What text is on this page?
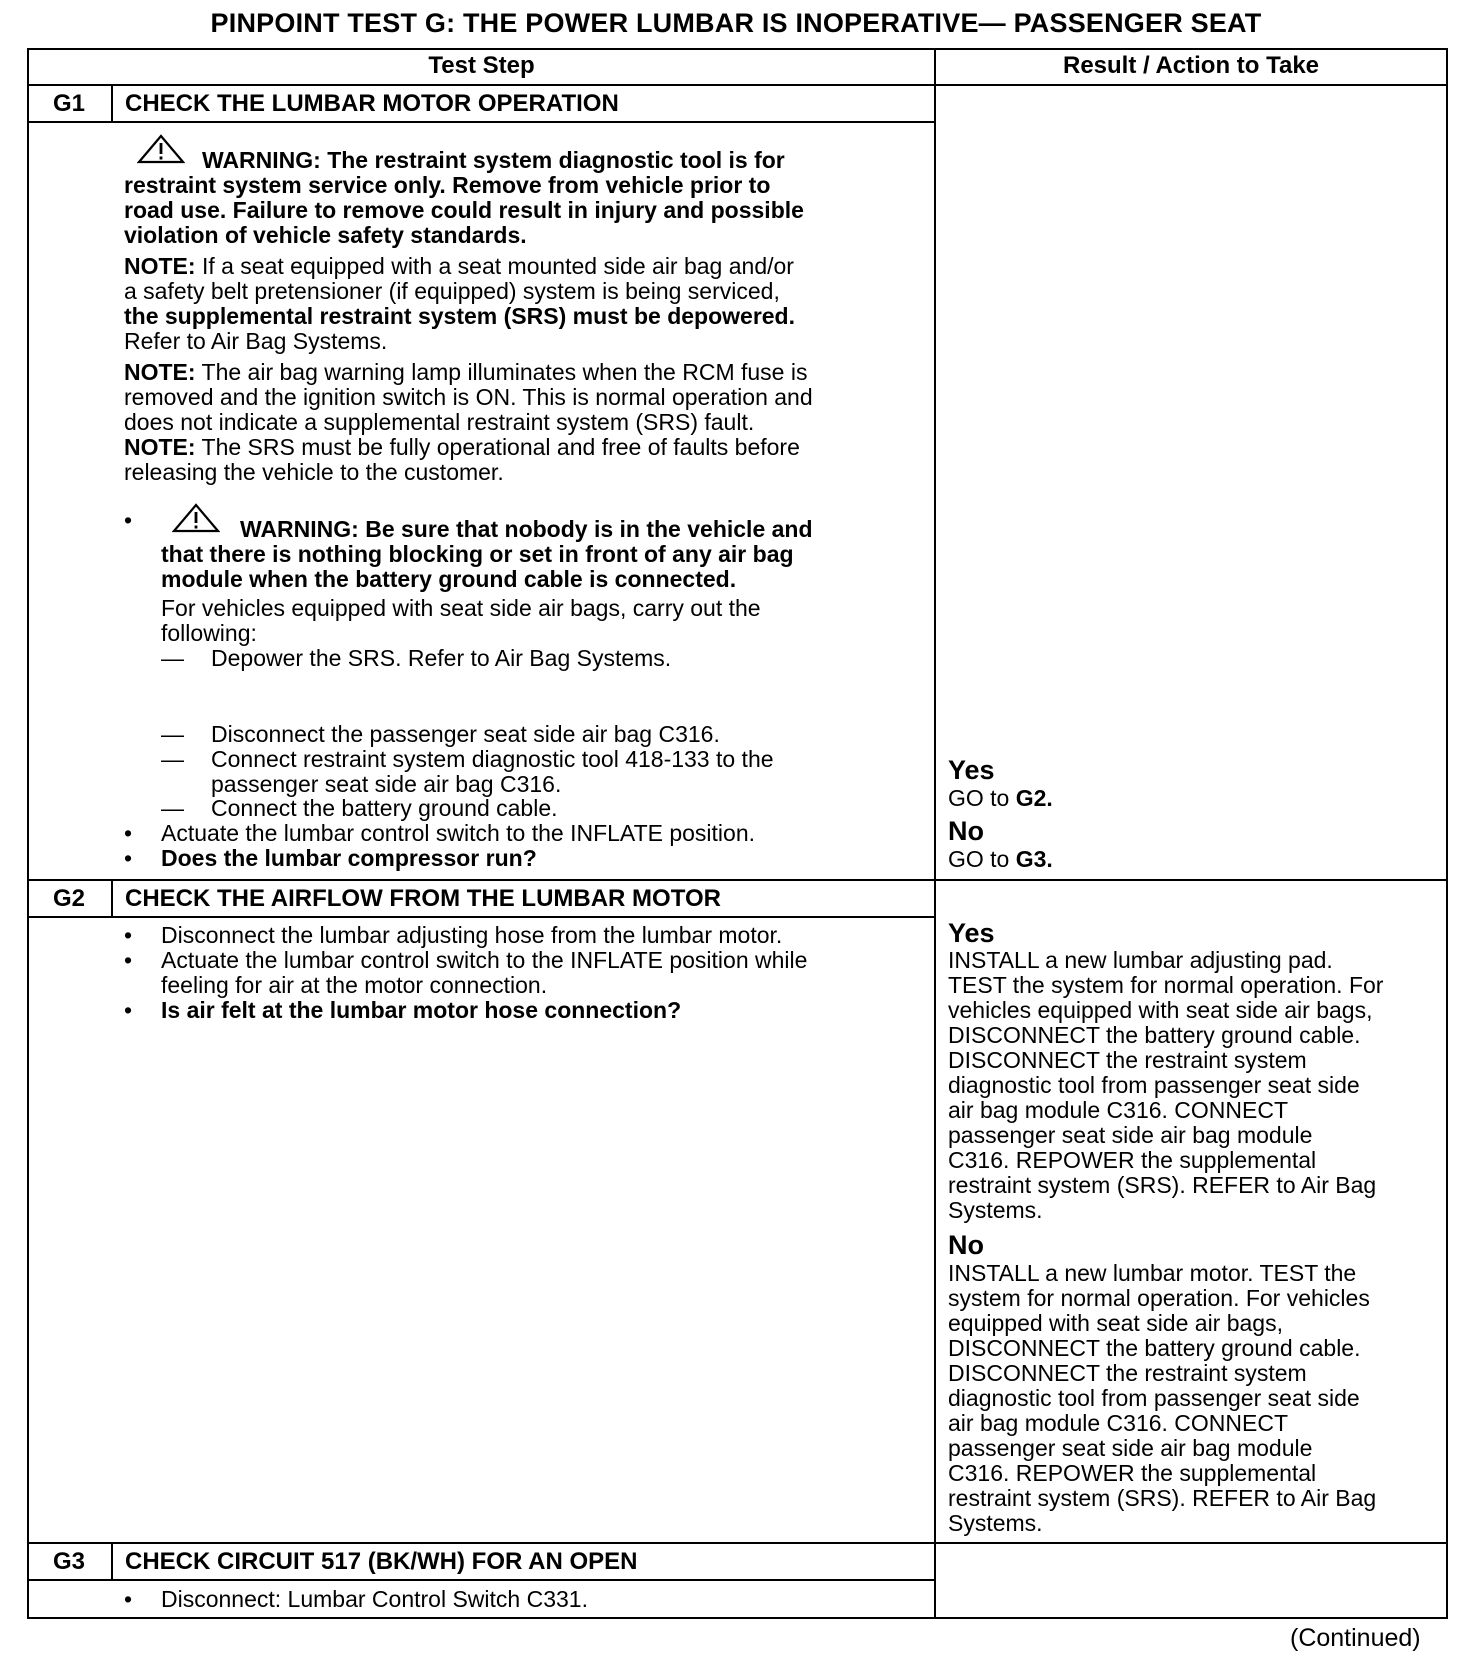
PINPOINT TEST G: THE POWER LUMBAR IS INOPERATIVE— PASSENGER SEAT
Test Step	Result / Action to Take
G1	CHECK THE LUMBAR MOTOR OPERATION
WARNING: The restraint system diagnostic tool is for
restraint system service only. Remove from vehicle prior to
road use. Failure to remove could result in injury and possible
violation of vehicle safety standards.
NOTE: If a seat equipped with a seat mounted side air bag and/or
a safety belt pretensioner (if equipped) system is being serviced,
the supplemental restraint system (SRS) must be depowered.
Refer to Air Bag Systems.
NOTE: The air bag warning lamp illuminates when the RCM fuse is
removed and the ignition switch is ON. This is normal operation and
does not indicate a supplemental restraint system (SRS) fault.
NOTE: The SRS must be fully operational and free of faults before
releasing the vehicle to the customer.
•	WARNING: Be sure that nobody is in the vehicle and
that there is nothing blocking or set in front of any air bag
module when the battery ground cable is connected.
For vehicles equipped with seat side air bags, carry out the
following:
— Depower the SRS. Refer to Air Bag Systems.
— Disconnect the passenger seat side air bag C316.
— Connect restraint system diagnostic tool 418-133 to the
passenger seat side air bag C316.
— Connect the battery ground cable.
• Actuate the lumbar control switch to the INFLATE position.
• Does the lumbar compressor run?
Yes
GO to G2.
No
GO to G3.
G2	CHECK THE AIRFLOW FROM THE LUMBAR MOTOR
• Disconnect the lumbar adjusting hose from the lumbar motor.
• Actuate the lumbar control switch to the INFLATE position while
feeling for air at the motor connection.
• Is air felt at the lumbar motor hose connection?
Yes
INSTALL a new lumbar adjusting pad.
TEST the system for normal operation. For
vehicles equipped with seat side air bags,
DISCONNECT the battery ground cable.
DISCONNECT the restraint system
diagnostic tool from passenger seat side
air bag module C316. CONNECT
passenger seat side air bag module
C316. REPOWER the supplemental
restraint system (SRS). REFER to Air Bag
Systems.
No
INSTALL a new lumbar motor. TEST the
system for normal operation. For vehicles
equipped with seat side air bags,
DISCONNECT the battery ground cable.
DISCONNECT the restraint system
diagnostic tool from passenger seat side
air bag module C316. CONNECT
passenger seat side air bag module
C316. REPOWER the supplemental
restraint system (SRS). REFER to Air Bag
Systems.
G3	CHECK CIRCUIT 517 (BK/WH) FOR AN OPEN
• Disconnect: Lumbar Control Switch C331.
(Continued)
